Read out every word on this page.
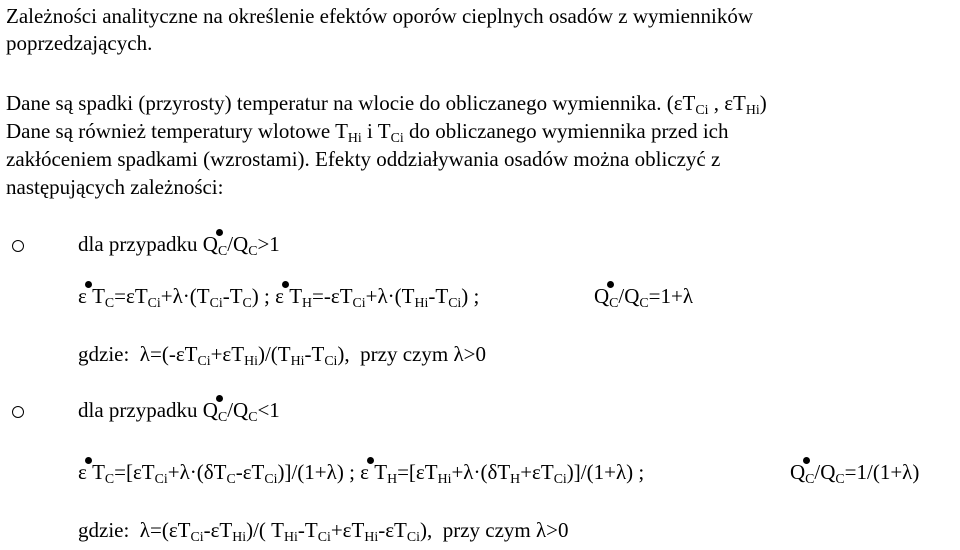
Zależności analityczne na określenie efektów oporów cieplnych osadów z wymienników
poprzedzających.
Dane są spadki (przyrosty) temperatur na wlocie do obliczanego wymiennika. ($\varepsilon T_{Ci}$ , $\varepsilon T_{Hi}$)
Dane są również temperatury wlotowe $T_{Hi}$ i $T_{Ci}$ do obliczanego wymiennika przed ich
zakłóceniem spadkami (wzrostami). Efekty oddziaływania osadów można obliczyć z
następujących zależności:
dla przypadku $Q_C/Q_C>1$
ε $T_C=\varepsilon T_{Ci}+\lambda\cdot(T_{Ci}-T_C)$ ; ε $T_H=-\varepsilon T_{Ci}+\lambda\cdot(T_{Hi}-T_{Ci})$ ;	$Q_C/Q_C=1+\lambda$
gdzie:  $\lambda=(-\varepsilon T_{Ci}+\varepsilon T_{Hi})/(T_{Hi}-T_{Ci})$,  przy czym λ>0
dla przypadku $Q_C/Q_C<1$
ε $T_C=[\varepsilon T_{Ci}+\lambda\cdot(\delta T_C-\varepsilon T_{Ci})]/(1+\lambda)$ ; ε $T_H=[\varepsilon T_{Hi}+\lambda\cdot(\delta T_H+\varepsilon T_{Ci})]/(1+\lambda)$ ;	$Q_C/Q_C=1/(1+\lambda)$
gdzie:  $\lambda=(\varepsilon T_{Ci}-\varepsilon T_{Hi})/$( $T_{Hi}-T_{Ci}+\varepsilon T_{Hi}-\varepsilon T_{Ci}$),  przy czym λ>0
